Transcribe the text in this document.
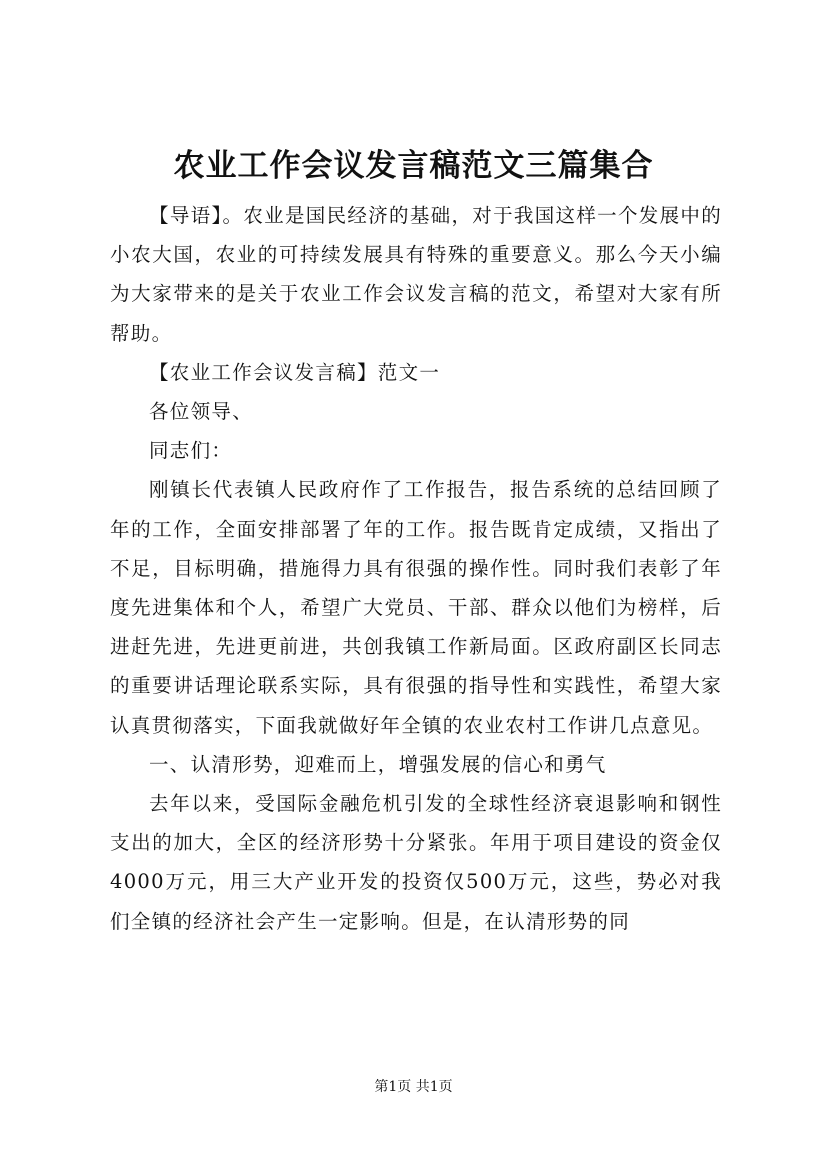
农业工作会议发言稿范文三篇集合

【导语】。农业是国民经济的基础，对于我国这样一个发展中的小农大国，农业的可持续发展具有特殊的重要意义。那么今天小编为大家带来的是关于农业工作会议发言稿的范文，希望对大家有所帮助。

【农业工作会议发言稿】范文一

各位领导、

同志们：

刚镇长代表镇人民政府作了工作报告，报告系统的总结回顾了年的工作，全面安排部署了年的工作。报告既肯定成绩，又指出了不足，目标明确，措施得力具有很强的操作性。同时我们表彰了年度先进集体和个人，希望广大党员、干部、群众以他们为榜样，后进赶先进，先进更前进，共创我镇工作新局面。区政府副区长同志的重要讲话理论联系实际，具有很强的指导性和实践性，希望大家认真贯彻落实，下面我就做好年全镇的农业农村工作讲几点意见。

一、认清形势，迎难而上，增强发展的信心和勇气

去年以来，受国际金融危机引发的全球性经济衰退影响和钢性支出的加大，全区的经济形势十分紧张。年用于项目建设的资金仅4000万元，用三大产业开发的投资仅500万元，这些，势必对我们全镇的经济社会产生一定影响。但是，在认清形势的同

第1页 共1页
